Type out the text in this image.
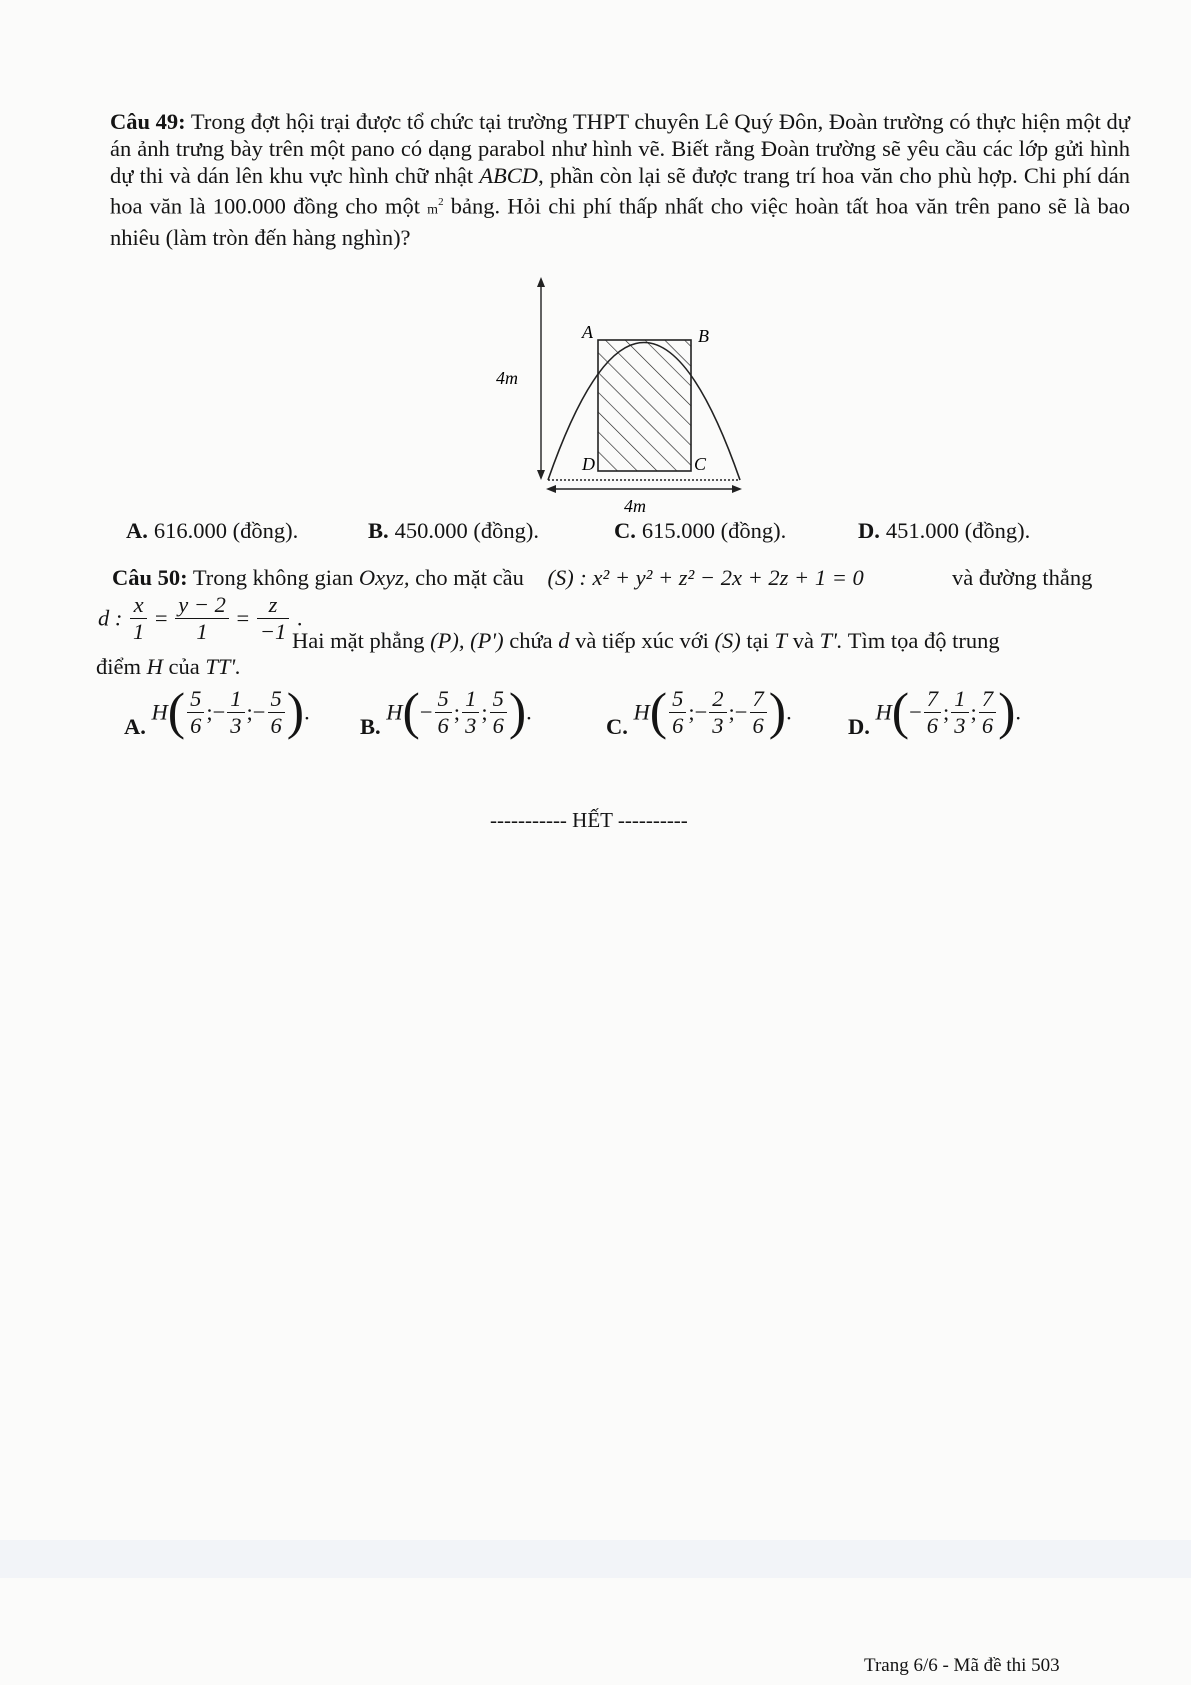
Câu 49: Trong đợt hội trại được tổ chức tại trường THPT chuyên Lê Quý Đôn, Đoàn trường có thực hiện một dự án ảnh trưng bày trên một pano có dạng parabol như hình vẽ. Biết rằng Đoàn trường sẽ yêu cầu các lớp gửi hình dự thi và dán lên khu vực hình chữ nhật ABCD, phần còn lại sẽ được trang trí hoa văn cho phù hợp. Chi phí dán hoa văn là 100.000 đồng cho một $m^2$ bảng. Hỏi chi phí thấp nhất cho việc hoàn tất hoa văn trên pano sẽ là bao nhiêu (làm tròn đến hàng nghìn)?
A	B
C
D
4m
4m
A. 616.000 (đồng).	B. 450.000 (đồng).	C. 615.000 (đồng).	D. 451.000 (đồng).
Câu 50: Trong không gian Oxyz, cho mặt cầu (S) : x² + y² + z² − 2x + 2z + 1 = 0	và đường thẳng
d : $\frac{x}{1} = \frac{y - 2}{1} = \frac{z}{-1}$ .
Hai mặt phẳng (P), (P') chứa d và tiếp xúc với (S) tại T và T'. Tìm tọa độ trung
điểm H của TT'.
A. $H( \frac{5}{6}$ ;− $\frac{1}{3}$ ;− $\frac{5}{6}$ ).
B. $H(- \frac{5}{6}$ ; $\frac{1}{3}$ ; $\frac{5}{6}$ ).
C. $H( \frac{5}{6}$ ;− $\frac{2}{3}$ ;− $\frac{7}{6}$ ).
D. $H(- \frac{7}{6}$ ; $\frac{1}{3}$ ; $\frac{7}{6}$ ).
----------- HẾT ----------
Trang 6/6 - Mã đề thi 503
